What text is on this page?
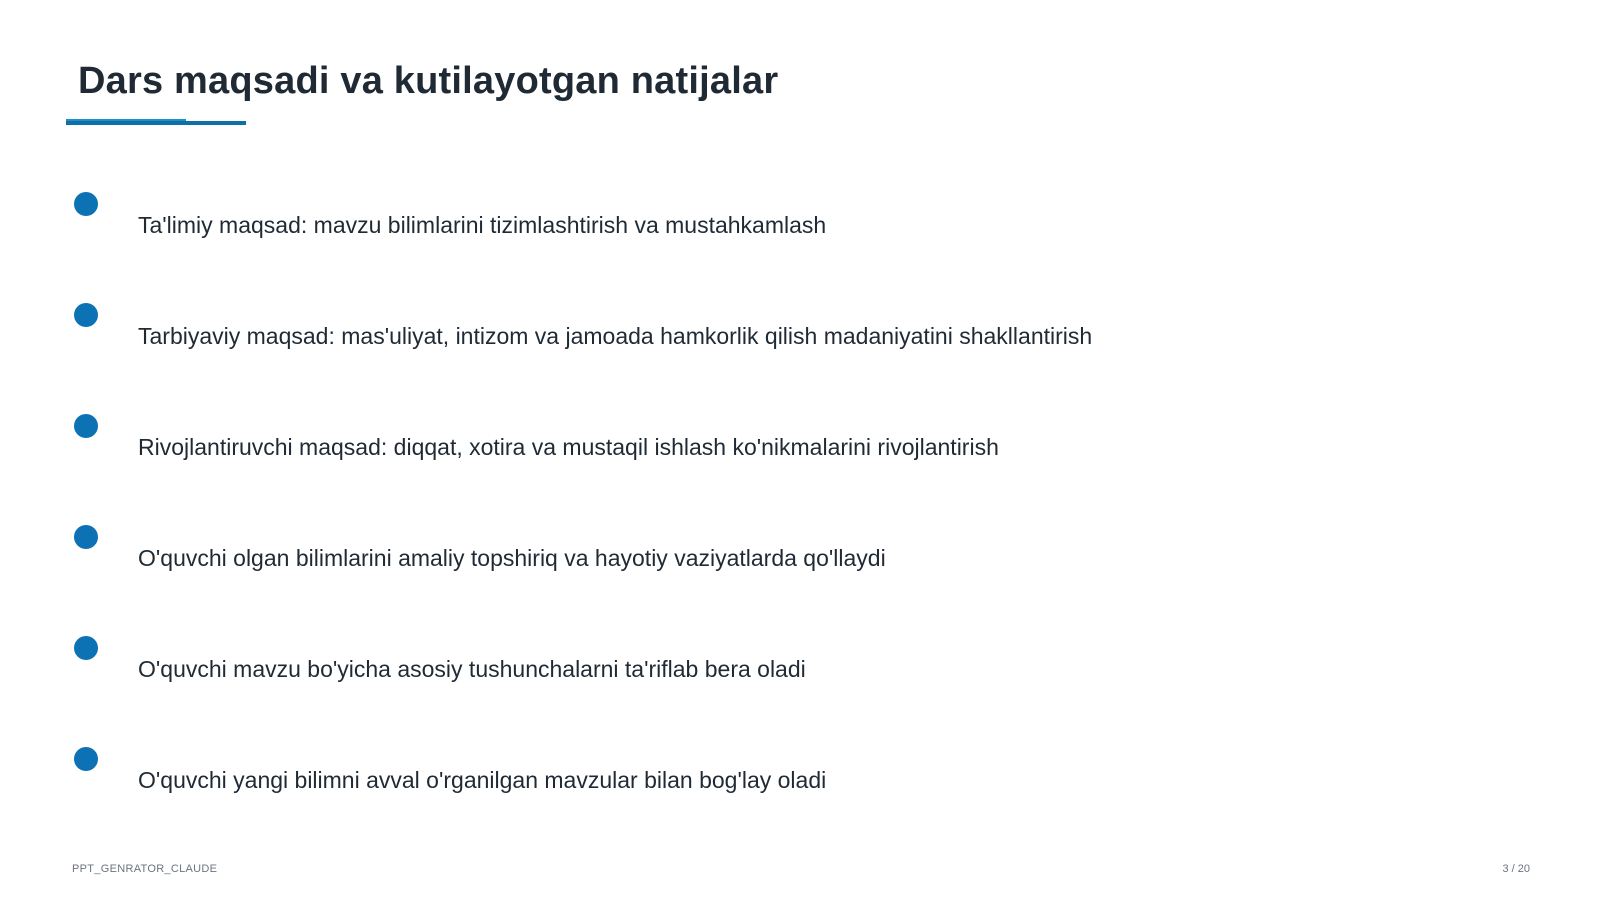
Dars maqsadi va kutilayotgan natijalar
Ta'limiy maqsad: mavzu bilimlarini tizimlashtirish va mustahkamlash
Tarbiyaviy maqsad: mas'uliyat, intizom va jamoada hamkorlik qilish madaniyatini shakllantirish
Rivojlantiruvchi maqsad: diqqat, xotira va mustaqil ishlash ko'nikmalarini rivojlantirish
O'quvchi olgan bilimlarini amaliy topshiriq va hayotiy vaziyatlarda qo'llaydi
O'quvchi mavzu bo'yicha asosiy tushunchalarni ta'riflab bera oladi
O'quvchi yangi bilimni avval o'rganilgan mavzular bilan bog'lay oladi
PPT_GENRATOR_CLAUDE	3 / 20
